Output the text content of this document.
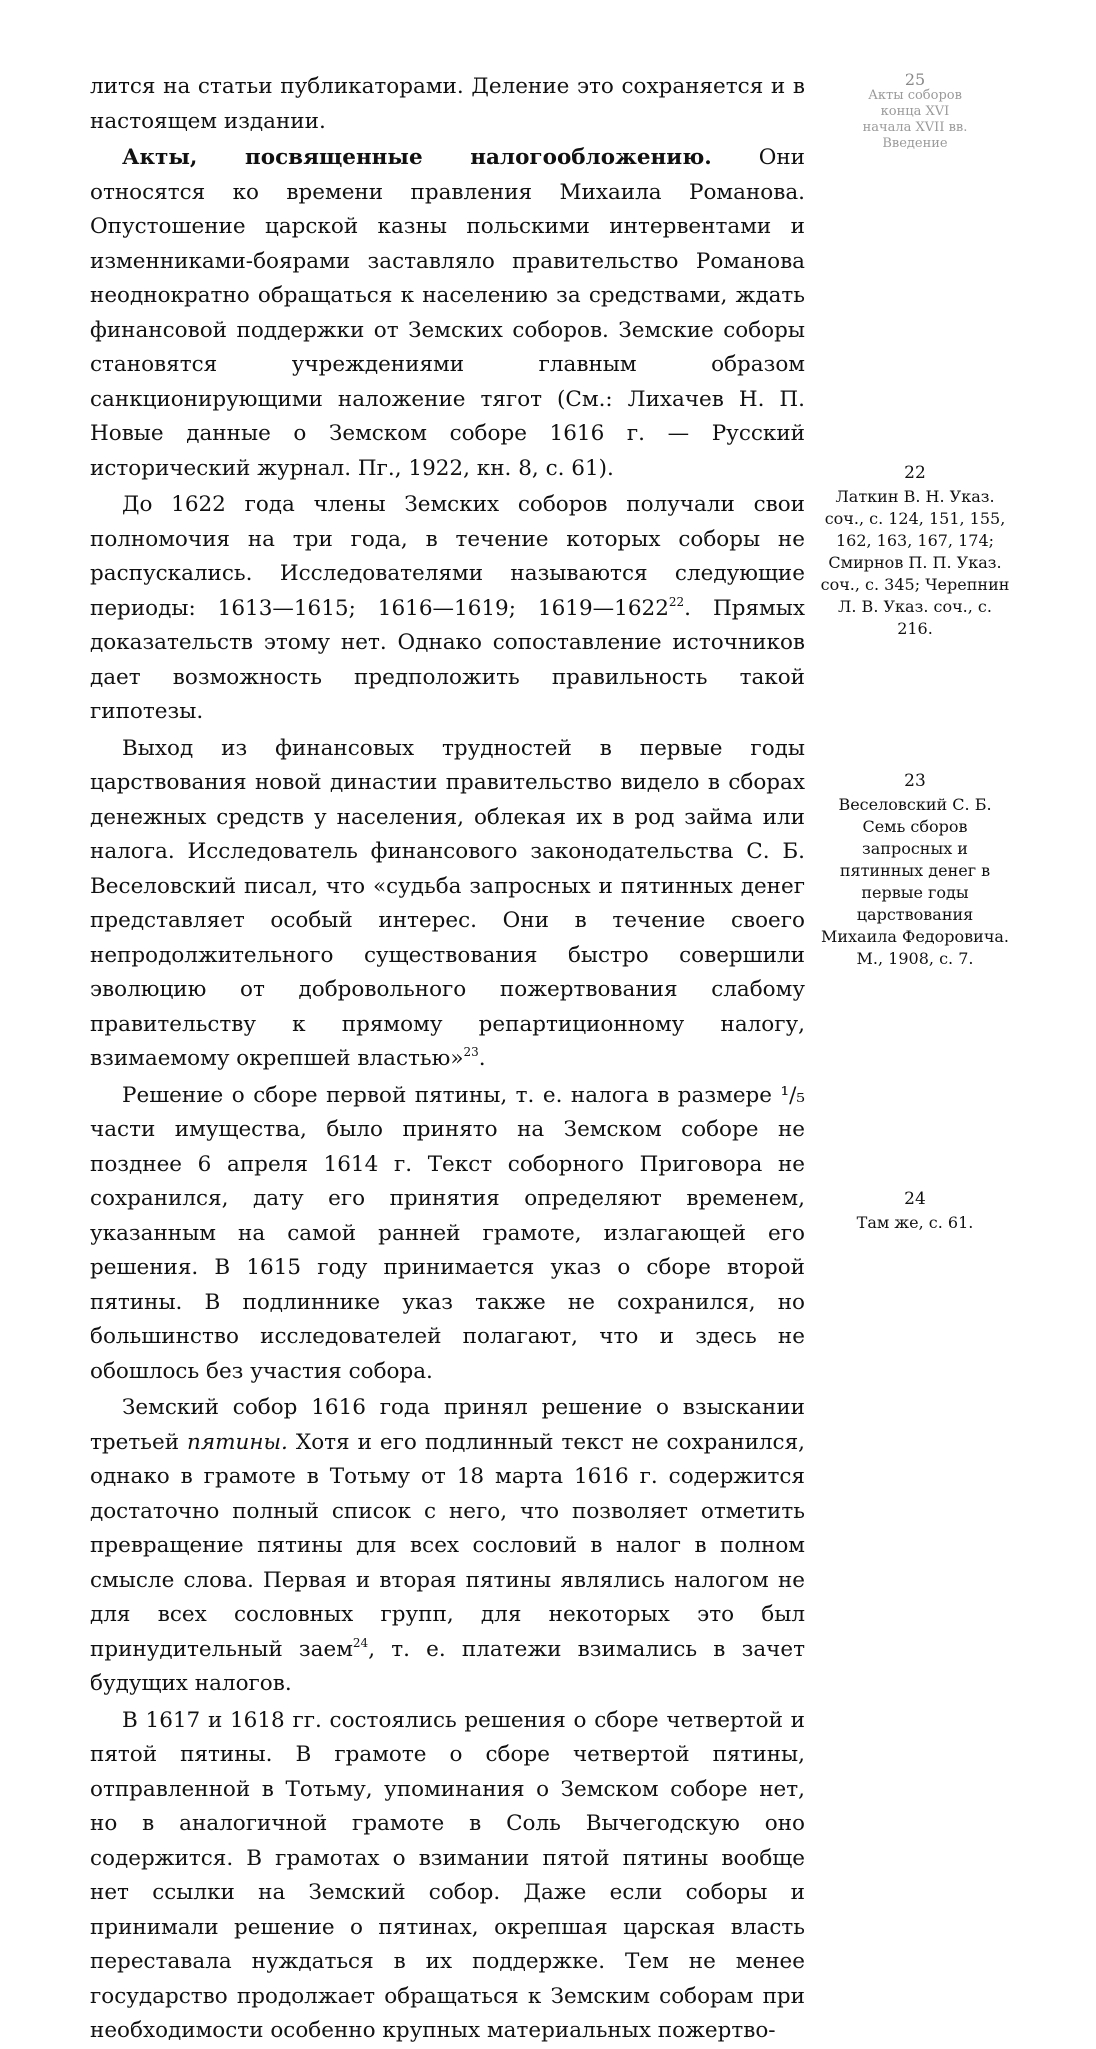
25
Акты соборов
конца XVI
начала XVII вв.
Введение

лится на статьи публикаторами. Деление это сохраняется и в настоящем издании.

Акты, посвященные налогообложению. Они относятся ко времени правления Михаила Романова. Опустошение царской казны польскими интервентами и изменниками-боярами заставляло правительство Романова неоднократно обращаться к населению за средствами, ждать финансовой поддержки от Земских соборов. Земские соборы становятся учреждениями главным образом санкционирующими наложение тягот (См.: Лихачев Н. П. Новые данные о Земском соборе 1616 г. — Русский исторический журнал. Пг., 1922, кн. 8, с. 61).

До 1622 года члены Земских соборов получали свои полномочия на три года, в течение которых соборы не распускались. Исследователями называются следующие периоды: 1613—1615; 1616—1619; 1619—1622$^{22}$. Прямых доказательств этому нет. Однако сопоставление источников дает возможность предположить правильность такой гипотезы.

Выход из финансовых трудностей в первые годы царствования новой династии правительство видело в сборах денежных средств у населения, облекая их в род займа или налога. Исследователь финансового законодательства С. Б. Веселовский писал, что «судьба запросных и пятинных денег представляет особый интерес. Они в течение своего непродолжительного существования быстро совершили эволюцию от добровольного пожертвования слабому правительству к прямому репартиционному налогу, взимаемому окрепшей властью»$^{23}$.

Решение о сборе первой пятины, т. е. налога в размере ¹/₅ части имущества, было принято на Земском соборе не позднее 6 апреля 1614 г. Текст соборного Приговора не сохранился, дату его принятия определяют временем, указанным на самой ранней грамоте, излагающей его решения. В 1615 году принимается указ о сборе второй пятины. В подлиннике указ также не сохранился, но большинство исследователей полагают, что и здесь не обошлось без участия собора.

Земский собор 1616 года принял решение о взыскании третьей пятины. Хотя и его подлинный текст не сохранился, однако в грамоте в Тотьму от 18 марта 1616 г. содержится достаточно полный список с него, что позволяет отметить превращение пятины для всех сословий в налог в полном смысле слова. Первая и вторая пятины являлись налогом не для всех сословных групп, для некоторых это был принудительный заем$^{24}$, т. е. платежи взимались в зачет будущих налогов.

В 1617 и 1618 гг. состоялись решения о сборе четвертой и пятой пятины. В грамоте о сборе четвертой пятины, отправленной в Тотьму, упоминания о Земском соборе нет, но в аналогичной грамоте в Соль Вычегодскую оно содержится. В грамотах о взимании пятой пятины вообще нет ссылки на Земский собор. Даже если соборы и принимали решение о пятинах, окрепшая царская власть переставала нуждаться в их поддержке. Тем не менее государство продолжает обращаться к Земским соборам при необходимости особенно крупных материальных пожертво-

22
Латкин В. Н. Указ. соч., с. 124, 151, 155, 162, 163, 167, 174; Смирнов П. П. Указ. соч., с. 345; Черепнин Л. В. Указ. соч., с. 216.
23
Веселовский С. Б. Семь сборов запросных и пятинных денег в первые годы царствования Михаила Федоровича. М., 1908, с. 7.
24
Там же, с. 61.
